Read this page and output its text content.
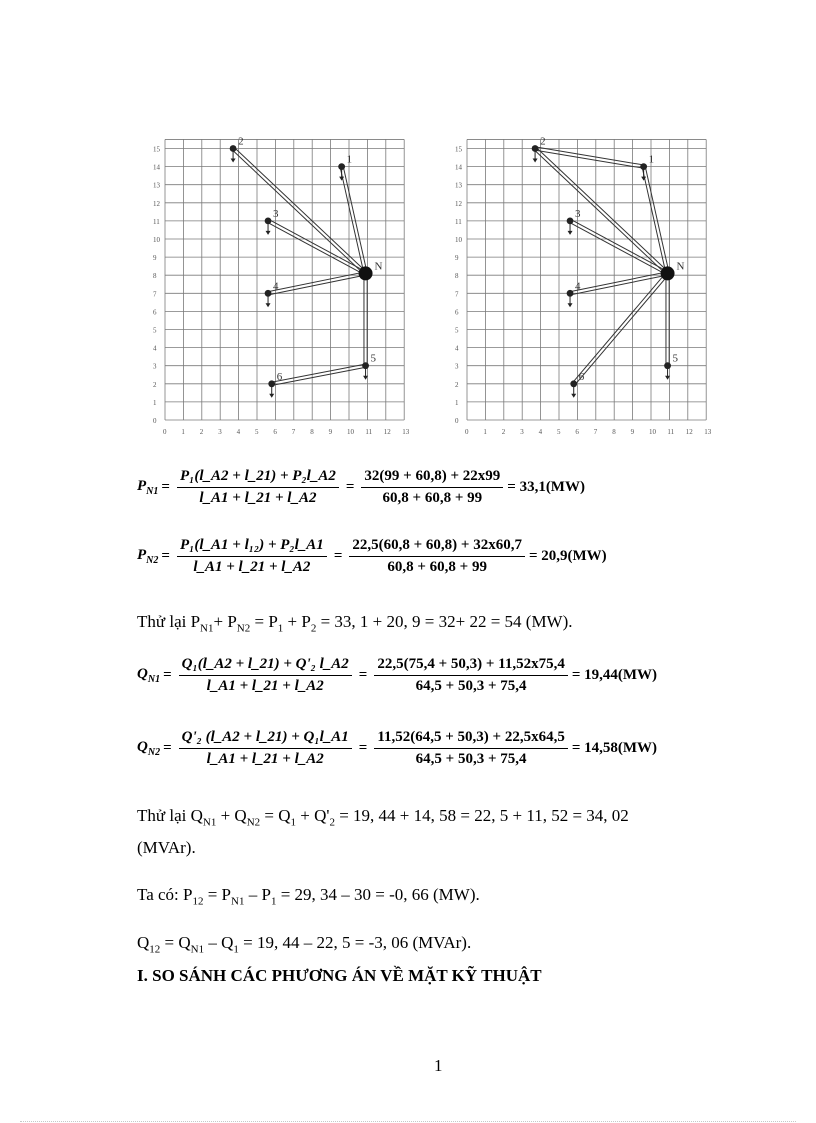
0
1
2
3
4
5
6
7
8
9
10
11
12
13
14
15
0 1 2 3 4 5 6 7 8 9 10 11 12 13
1
2
3
4
5
6
N
0
1
2
3
4
5
6
7
8
9
10
11
12
13
14
15
0 1 2 3 4 5 6 7 8 9 10 11 12 13
1
2
3
4
5
6
N
$P_{N1} = \frac{\text{P₁(l\_A2 + l\_21) + P₂l\_A2}}{l\_A1 + l\_21 + l\_A2} = \frac{32(99 + 60,8) + 22x99}{60,8 + 60,8 + 99} = 33,1(MW)$
$P_{N2} = \frac{\text{P₁(l\_A1 + l₁₂) + P₂l\_A1}}{l\_A1 + l\_21 + l\_A2} = \frac{22,5(60,8 + 60,8) + 32x60,7}{60,8 + 60,8 + 99} = 20,9(MW)$
Thử lại $P_{N1}+ P_{N2} = P_1 + P_2 = 33$, 1 + 20, 9 = 32+ 22 = 54 (MW).
$Q_{N1} = \frac{\text{Q₁(l\_A2 + l\_21) + Q'₂ l\_A2}}{l\_A1 + l\_21 + l\_A2} = \frac{22,5(75,4 + 50,3) + 11,52x75,4}{64,5 + 50,3 + 75,4} = 19,44(MW)$
$Q_{N2} = \frac{\text{Q'₂ (l\_A2 + l\_21) + Q₁l\_A1}}{l\_A1 + l\_21 + l\_A2} = \frac{11,52(64,5 + 50,3) + 22,5x64,5}{64,5 + 50,3 + 75,4} = 14,58(MW)$
Thử lại $Q_{N1} + Q_{N2} = Q_1 + Q'_2 = 19$, 44 + 14, 58 = 22, 5 + 11, 52 = 34, 02
(MVAr).
Ta có: $P_{12} = P_{N1} - P_1 = 29$, 34 – 30 = -0, 66 (MW).
$Q_{12} = Q_{N1} - Q_1 = 19$, 44 – 22, 5 = -3, 06 (MVAr).
I. SO SÁNH CÁC PHƯƠNG ÁN VỀ MẶT KỸ THUẬT
1
